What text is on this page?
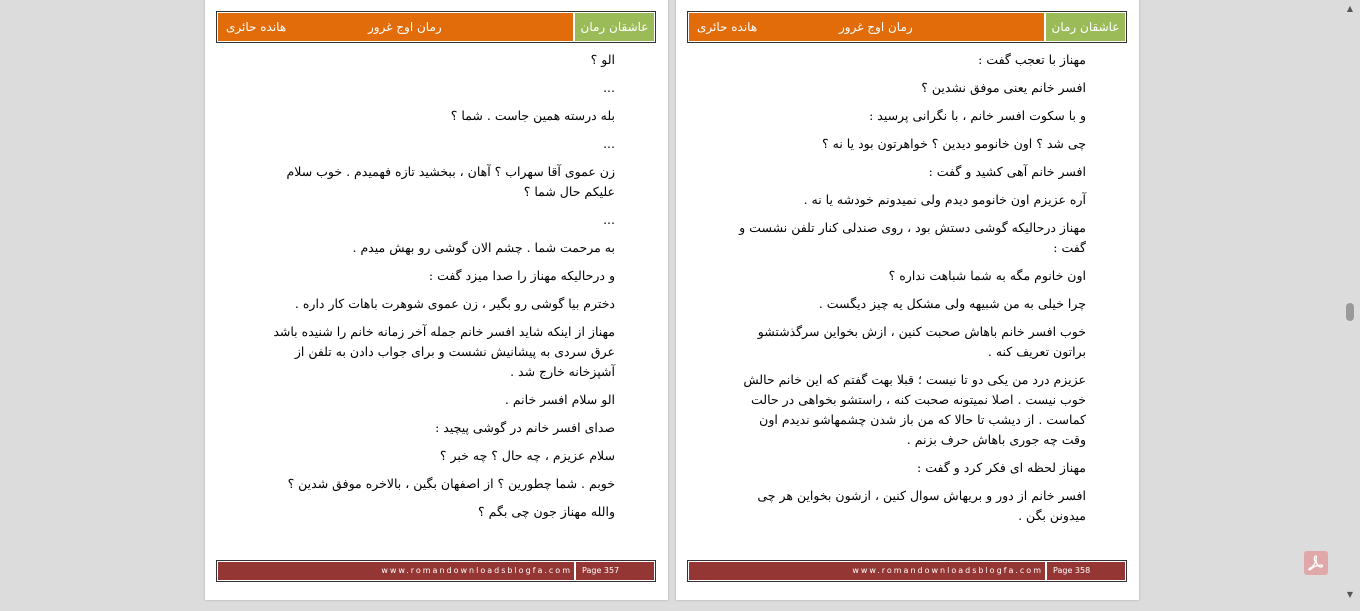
عاشقان رمان
رمان اوج غرور
هانده حائری

الو ؟

...

بله درسته همین جاست . شما ؟

...

زن عموی آقا سهراب ؟ آهان ، ببخشید تازه فهمیدم . خوب سلام علیکم حال شما ؟

...

به مرحمت شما . چشم الان گوشی رو بهش میدم .

و درحالیکه مهناز را صدا میزد گفت :

دخترم بیا گوشی رو بگیر ، زن عموی شوهرت باهات کار داره .

مهناز از اینکه شاید افسر خانم جمله آخر زمانه خانم را شنیده باشد عرق سردی به پیشانیش نشست و برای جواب دادن به تلفن از آشپزخانه خارج شد .

الو سلام افسر خانم .

صدای افسر خانم در گوشی پیچید :

سلام عزیزم ، چه حال ؟ چه خبر ؟

خوبم . شما چطورین ؟ از اصفهان بگین ، بالاخره موفق شدین ؟

والله مهناز جون چی بگم ؟

www.romandownloadsblogfa.com	Page 357
عاشقان رمان
رمان اوج غرور
هانده حائری

مهناز با تعجب گفت :

افسر خانم یعنی موفق نشدین ؟

و با سکوت افسر خانم ، با نگرانی پرسید :

چی شد ؟ اون خانومو دیدین ؟ خواهرتون بود یا نه ؟

افسر خانم آهی کشید و گفت :

آره عزیزم اون خانومو دیدم ولی نمیدونم خودشه یا نه .

مهناز درحالیکه گوشی دستش بود ، روی صندلی کنار تلفن نشست و گفت :

اون خانوم مگه به شما شباهت نداره ؟

چرا خیلی به من شبیهه ولی مشکل یه چیز دیگست .

خوب افسر خانم باهاش صحبت کنین ، ازش بخواین سرگذشتشو براتون تعریف کنه .

عزیزم درد من یکی دو تا نیست ؛ قبلا بهت گفتم که این خانم حالش خوب نیست . اصلا نمیتونه صحبت کنه ، راستشو بخواهی در حالت کماست . از دیشب تا حالا که من باز شدن چشمهاشو ندیدم اون وقت چه جوری باهاش حرف بزنم .

مهناز لحظه ای فکر کرد و گفت :

افسر خانم از دور و بریهاش سوال کنین ، ازشون بخواین هر چی میدونن بگن .

www.romandownloadsblogfa.com	Page 358
▲
▼
